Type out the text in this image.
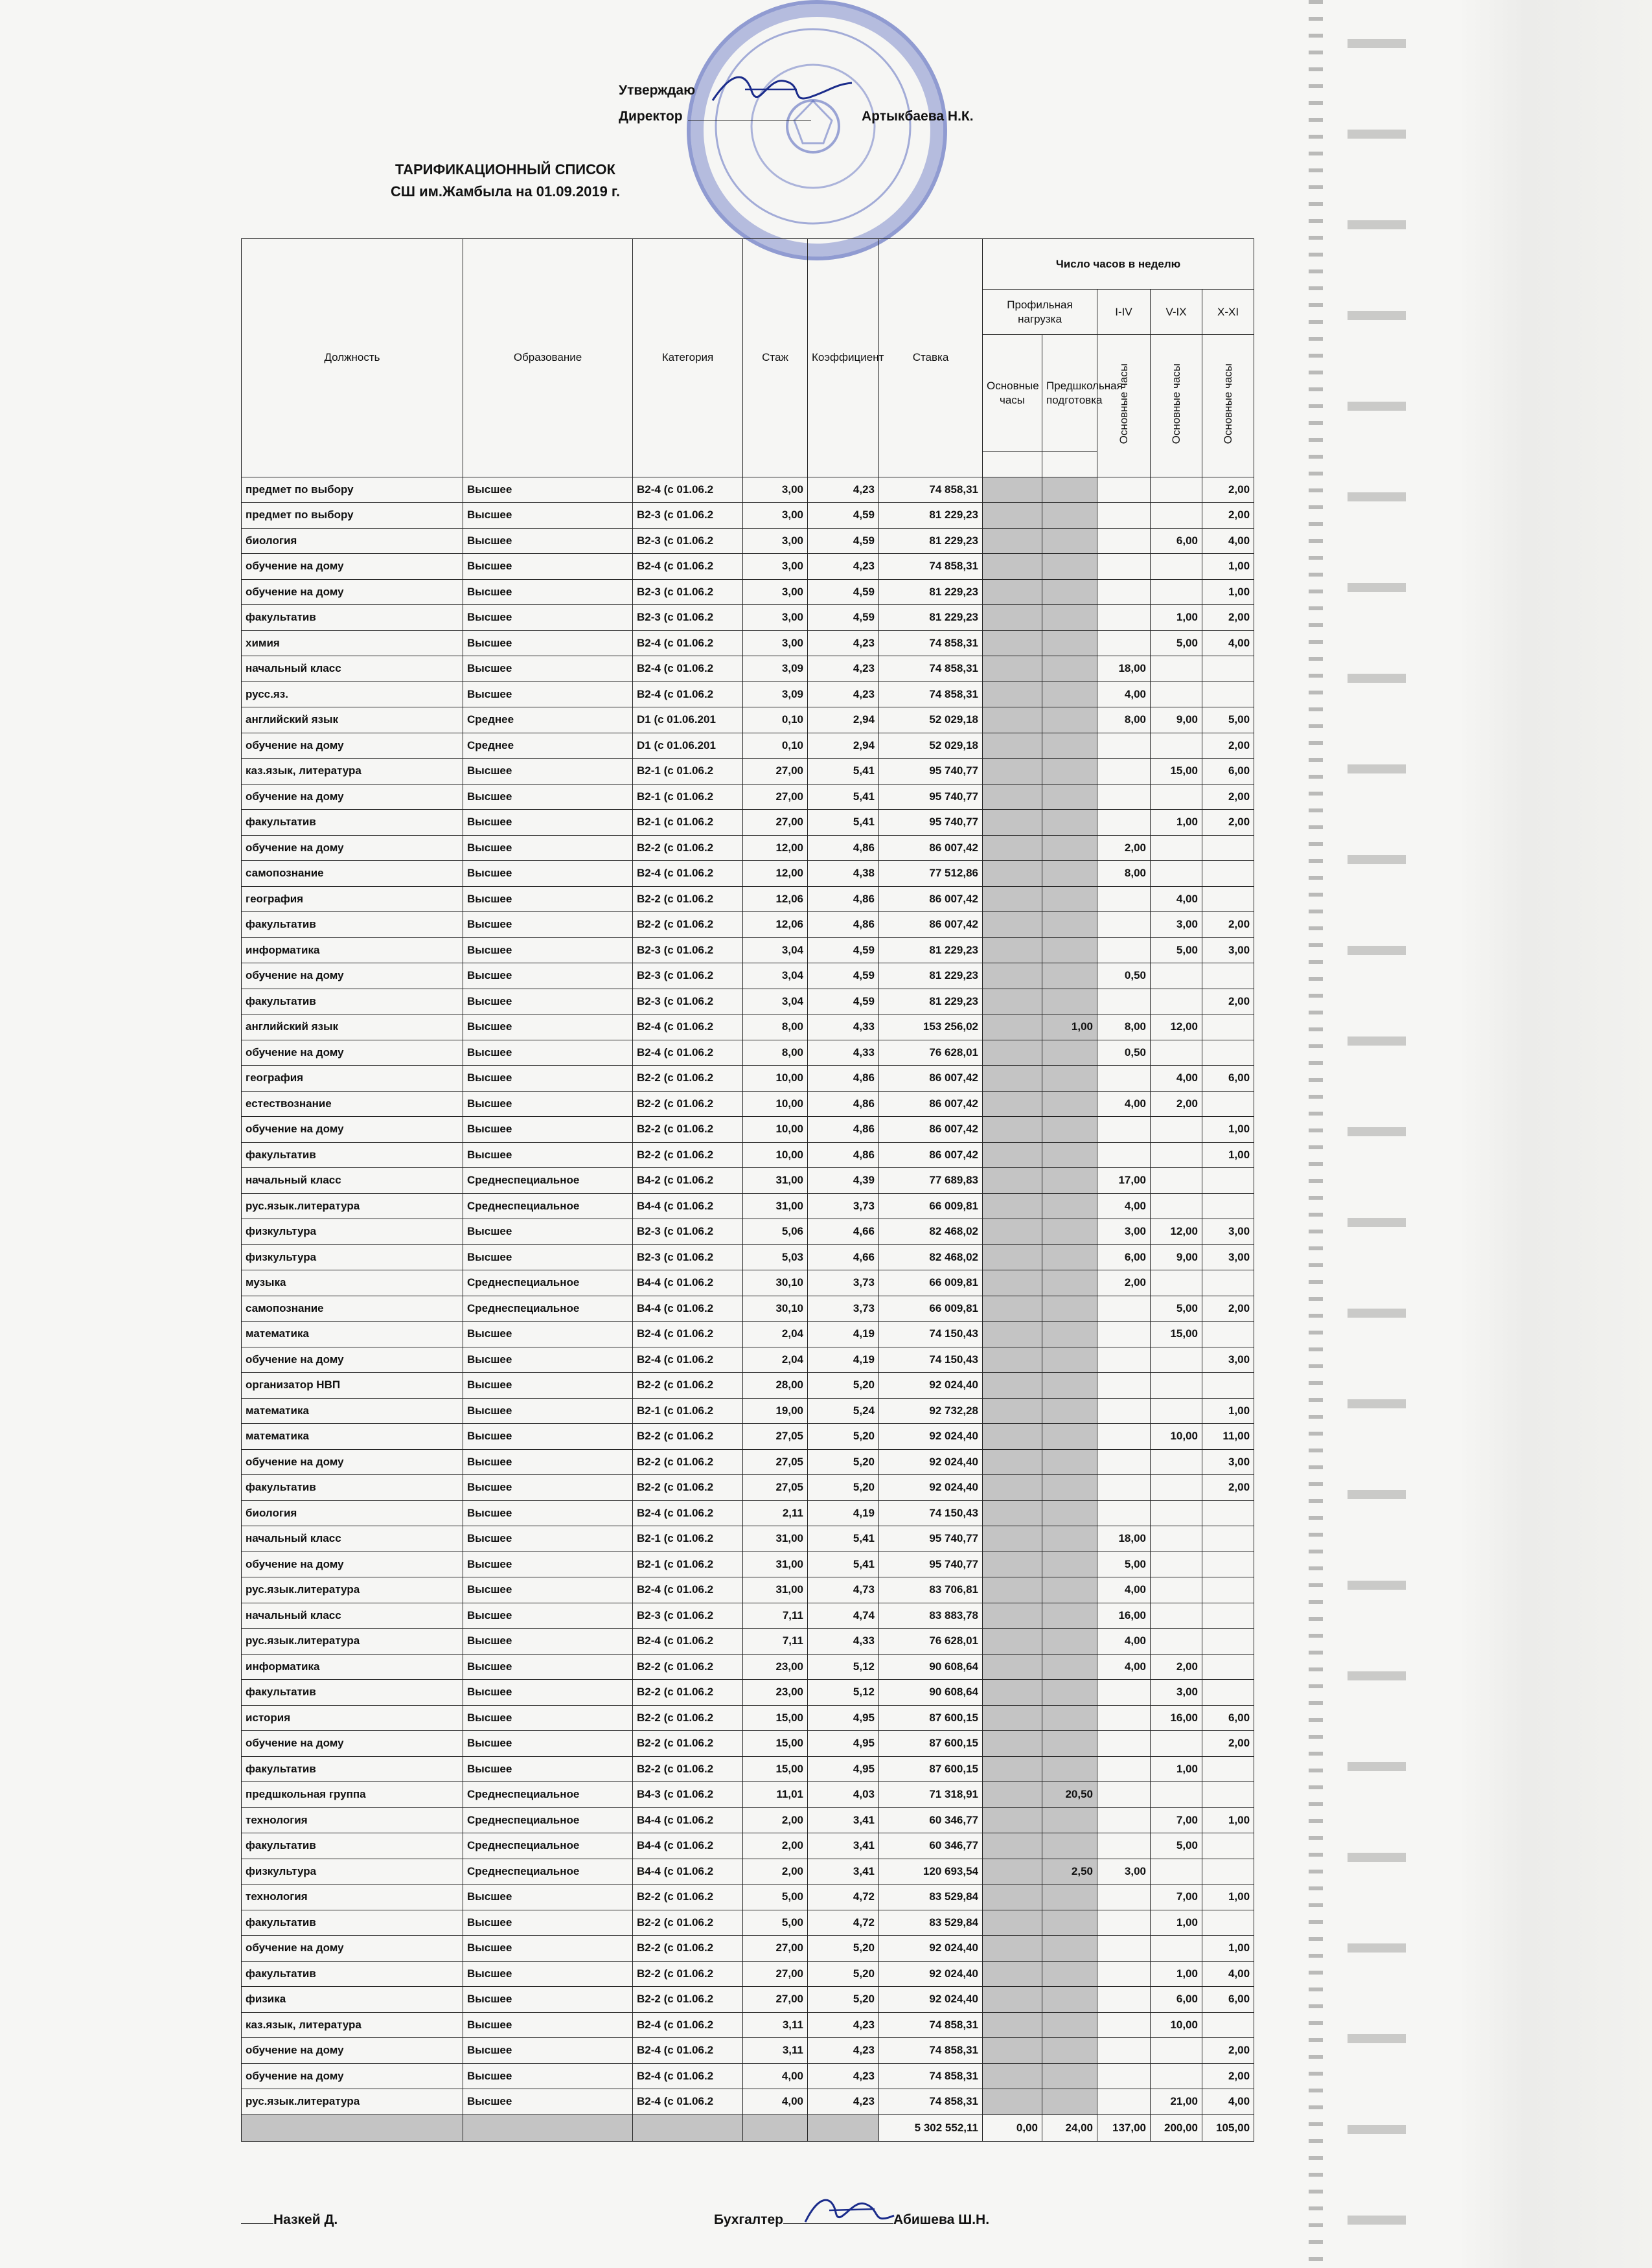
Утверждаю
Директор	Артыкбаева Н.К.
ТАРИФИКАЦИОННЫЙ СПИСОК
СШ им.Жамбыла на 01.09.2019 г.
Должность	Образование	Категория	Стаж	Коэффициент	Ставка	Число часов в неделю				
						Профильная нагрузка		I-IV	V-IX	X-XI
						Основные часы	Предшкольная подготовка	Основные часы	Основные часы	Основные часы

предмет по выбору	Высшее	В2-4 (с 01.06.2	3,00	4,23	74 858,31					2,00
предмет по выбору	Высшее	В2-3 (с 01.06.2	3,00	4,59	81 229,23					2,00
биология	Высшее	В2-3 (с 01.06.2	3,00	4,59	81 229,23				6,00	4,00
обучение на дому	Высшее	В2-4 (с 01.06.2	3,00	4,23	74 858,31					1,00
обучение на дому	Высшее	В2-3 (с 01.06.2	3,00	4,59	81 229,23					1,00
факультатив	Высшее	В2-3 (с 01.06.2	3,00	4,59	81 229,23				1,00	2,00
химия	Высшее	В2-4 (с 01.06.2	3,00	4,23	74 858,31				5,00	4,00
начальный класс	Высшее	В2-4 (с 01.06.2	3,09	4,23	74 858,31			18,00		
русс.яз.	Высшее	В2-4 (с 01.06.2	3,09	4,23	74 858,31			4,00		
английский язык	Среднее	D1 (с 01.06.201	0,10	2,94	52 029,18			8,00	9,00	5,00
обучение на дому	Среднее	D1 (с 01.06.201	0,10	2,94	52 029,18					2,00
каз.язык, литература	Высшее	В2-1 (с 01.06.2	27,00	5,41	95 740,77				15,00	6,00
обучение на дому	Высшее	В2-1 (с 01.06.2	27,00	5,41	95 740,77					2,00
факультатив	Высшее	В2-1 (с 01.06.2	27,00	5,41	95 740,77				1,00	2,00
обучение на дому	Высшее	В2-2 (с 01.06.2	12,00	4,86	86 007,42			2,00		
самопознание	Высшее	В2-4 (с 01.06.2	12,00	4,38	77 512,86			8,00		
география	Высшее	В2-2 (с 01.06.2	12,06	4,86	86 007,42				4,00	
факультатив	Высшее	В2-2 (с 01.06.2	12,06	4,86	86 007,42				3,00	2,00
информатика	Высшее	В2-3 (с 01.06.2	3,04	4,59	81 229,23				5,00	3,00
обучение на дому	Высшее	В2-3 (с 01.06.2	3,04	4,59	81 229,23			0,50		
факультатив	Высшее	В2-3 (с 01.06.2	3,04	4,59	81 229,23					2,00
английский язык	Высшее	В2-4 (с 01.06.2	8,00	4,33	153 256,02		1,00	8,00	12,00	
обучение на дому	Высшее	В2-4 (с 01.06.2	8,00	4,33	76 628,01			0,50		
география	Высшее	В2-2 (с 01.06.2	10,00	4,86	86 007,42				4,00	6,00
естествознание	Высшее	В2-2 (с 01.06.2	10,00	4,86	86 007,42			4,00	2,00	
обучение на дому	Высшее	В2-2 (с 01.06.2	10,00	4,86	86 007,42					1,00
факультатив	Высшее	В2-2 (с 01.06.2	10,00	4,86	86 007,42					1,00
начальный класс	Среднеспециальное	В4-2 (с 01.06.2	31,00	4,39	77 689,83			17,00		
рус.язык.литература	Среднеспециальное	В4-4 (с 01.06.2	31,00	3,73	66 009,81			4,00		
физкультура	Высшее	В2-3 (с 01.06.2	5,06	4,66	82 468,02			3,00	12,00	3,00
физкультура	Высшее	В2-3 (с 01.06.2	5,03	4,66	82 468,02			6,00	9,00	3,00
музыка	Среднеспециальное	В4-4 (с 01.06.2	30,10	3,73	66 009,81			2,00		
самопознание	Среднеспециальное	В4-4 (с 01.06.2	30,10	3,73	66 009,81				5,00	2,00
математика	Высшее	В2-4 (с 01.06.2	2,04	4,19	74 150,43				15,00	
обучение на дому	Высшее	В2-4 (с 01.06.2	2,04	4,19	74 150,43					3,00
организатор НВП	Высшее	В2-2 (с 01.06.2	28,00	5,20	92 024,40					
математика	Высшее	В2-1 (с 01.06.2	19,00	5,24	92 732,28					1,00
математика	Высшее	В2-2 (с 01.06.2	27,05	5,20	92 024,40				10,00	11,00
обучение на дому	Высшее	В2-2 (с 01.06.2	27,05	5,20	92 024,40					3,00
факультатив	Высшее	В2-2 (с 01.06.2	27,05	5,20	92 024,40					2,00
биология	Высшее	В2-4 (с 01.06.2	2,11	4,19	74 150,43					
начальный класс	Высшее	В2-1 (с 01.06.2	31,00	5,41	95 740,77			18,00		
обучение на дому	Высшее	В2-1 (с 01.06.2	31,00	5,41	95 740,77			5,00		
рус.язык.литература	Высшее	В2-4 (с 01.06.2	31,00	4,73	83 706,81			4,00		
начальный класс	Высшее	В2-3 (с 01.06.2	7,11	4,74	83 883,78			16,00		
рус.язык.литература	Высшее	В2-4 (с 01.06.2	7,11	4,33	76 628,01			4,00		
информатика	Высшее	В2-2 (с 01.06.2	23,00	5,12	90 608,64			4,00	2,00	
факультатив	Высшее	В2-2 (с 01.06.2	23,00	5,12	90 608,64				3,00	
история	Высшее	В2-2 (с 01.06.2	15,00	4,95	87 600,15				16,00	6,00
обучение на дому	Высшее	В2-2 (с 01.06.2	15,00	4,95	87 600,15					2,00
факультатив	Высшее	В2-2 (с 01.06.2	15,00	4,95	87 600,15				1,00	
предшкольная группа	Среднеспециальное	В4-3 (с 01.06.2	11,01	4,03	71 318,91		20,50			
технология	Среднеспециальное	В4-4 (с 01.06.2	2,00	3,41	60 346,77				7,00	1,00
факультатив	Среднеспециальное	В4-4 (с 01.06.2	2,00	3,41	60 346,77				5,00	
физкультура	Среднеспециальное	В4-4 (с 01.06.2	2,00	3,41	120 693,54		2,50	3,00		
технология	Высшее	В2-2 (с 01.06.2	5,00	4,72	83 529,84				7,00	1,00
факультатив	Высшее	В2-2 (с 01.06.2	5,00	4,72	83 529,84				1,00	
обучение на дому	Высшее	В2-2 (с 01.06.2	27,00	5,20	92 024,40					1,00
факультатив	Высшее	В2-2 (с 01.06.2	27,00	5,20	92 024,40				1,00	4,00
физика	Высшее	В2-2 (с 01.06.2	27,00	5,20	92 024,40				6,00	6,00
каз.язык, литература	Высшее	В2-4 (с 01.06.2	3,11	4,23	74 858,31				10,00	
обучение на дому	Высшее	В2-4 (с 01.06.2	3,11	4,23	74 858,31					2,00
обучение на дому	Высшее	В2-4 (с 01.06.2	4,00	4,23	74 858,31					2,00
рус.язык.литература	Высшее	В2-4 (с 01.06.2	4,00	4,23	74 858,31				21,00	4,00
					5 302 552,11	0,00	24,00	137,00	200,00	105,00
Назкей Д.	Бухгалтер	Абишева Ш.Н.
